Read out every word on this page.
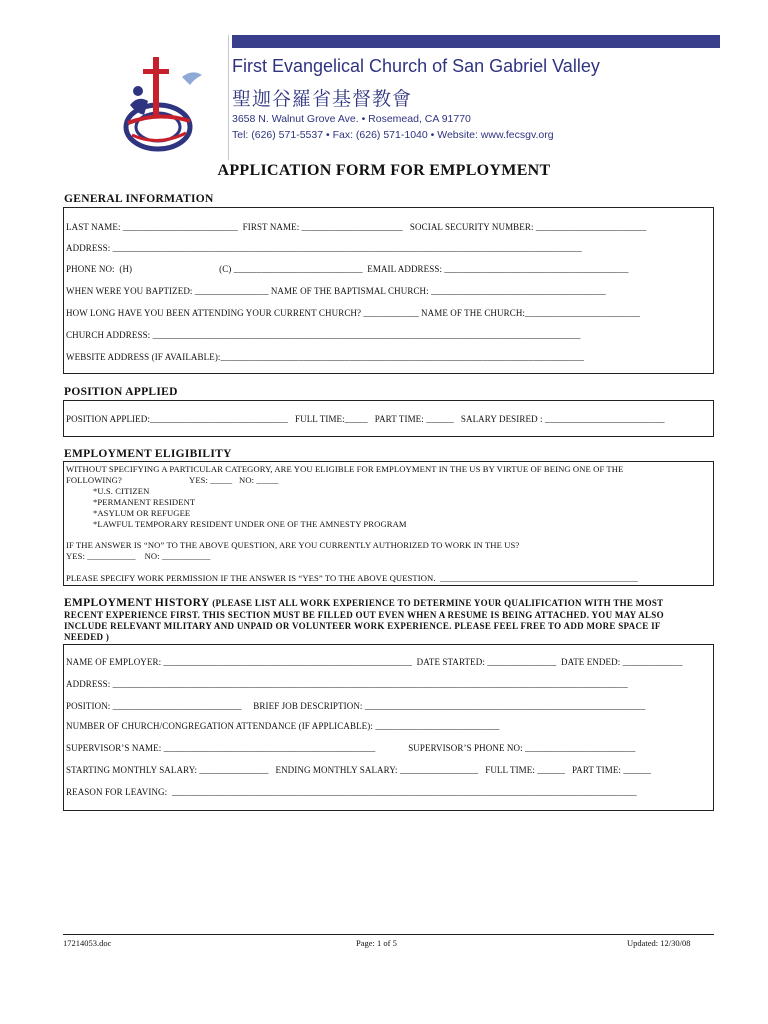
First Evangelical Church of San Gabriel Valley
聖迦谷羅省基督教會
3658 N. Walnut Grove Ave. • Rosemead, CA 91770
Tel: (626) 571-5537 • Fax: (626) 571-1040 • Website: www.fecsgv.org
APPLICATION FORM FOR EMPLOYMENT
GENERAL INFORMATION
LAST NAME: _________________________  FIRST NAME: ______________________   SOCIAL SECURITY NUMBER: ________________________
ADDRESS: ______________________________________________________________________________________________________
PHONE NO:  (H)                                     (C) ____________________________  EMAIL ADDRESS: ________________________________________
WHEN WERE YOU BAPTIZED: ________________ NAME OF THE BAPTISMAL CHURCH: ______________________________________
HOW LONG HAVE YOU BEEN ATTENDING YOUR CURRENT CHURCH? ____________ NAME OF THE CHURCH:_________________________
CHURCH ADDRESS: _____________________________________________________________________________________________
WEBSITE ADDRESS (IF AVAILABLE):_______________________________________________________________________________
POSITION APPLIED
POSITION APPLIED:______________________________   FULL TIME:_____   PART TIME: ______   SALARY DESIRED : __________________________
EMPLOYMENT ELIGIBILITY
WITHOUT SPECIFYING A PARTICULAR CATEGORY, ARE YOU ELIGIBLE FOR EMPLOYMENT IN THE US BY VIRTUE OF BEING ONE OF THE
FOLLOWING?                              YES: _____   NO: _____
*U.S. CITIZEN
*PERMANENT RESIDENT
*ASYLUM OR REFUGEE
*LAWFUL TEMPORARY RESIDENT UNDER ONE OF THE AMNESTY PROGRAM
IF THE ANSWER IS “NO” TO THE ABOVE QUESTION, ARE YOU CURRENTLY AUTHORIZED TO WORK IN THE US?
YES: ___________    NO: ___________
PLEASE SPECIFY WORK PERMISSION IF THE ANSWER IS “YES” TO THE ABOVE QUESTION.  _____________________________________________
EMPLOYMENT HISTORY (PLEASE LIST ALL WORK EXPERIENCE TO DETERMINE YOUR QUALIFICATION WITH THE MOST
RECENT EXPERIENCE FIRST. THIS SECTION MUST BE FILLED OUT EVEN WHEN A RESUME IS BEING ATTACHED. YOU MAY ALSO
INCLUDE RELEVANT MILITARY AND UNPAID OR VOLUNTEER WORK EXPERIENCE. PLEASE FEEL FREE TO ADD MORE SPACE IF
NEEDED )
NAME OF EMPLOYER: ______________________________________________________  DATE STARTED: _______________  DATE ENDED: _____________
ADDRESS: ________________________________________________________________________________________________________________
POSITION: ____________________________     BRIEF JOB DESCRIPTION: _____________________________________________________________
NUMBER OF CHURCH/CONGREGATION ATTENDANCE (IF APPLICABLE): ___________________________
SUPERVISOR’S NAME: ______________________________________________              SUPERVISOR’S PHONE NO: ________________________
STARTING MONTHLY SALARY: _______________   ENDING MONTHLY SALARY: _________________   FULL TIME: ______   PART TIME: ______
REASON FOR LEAVING:  _____________________________________________________________________________________________________
17214053.doc	Page: 1 of 5	Updated: 12/30/08
